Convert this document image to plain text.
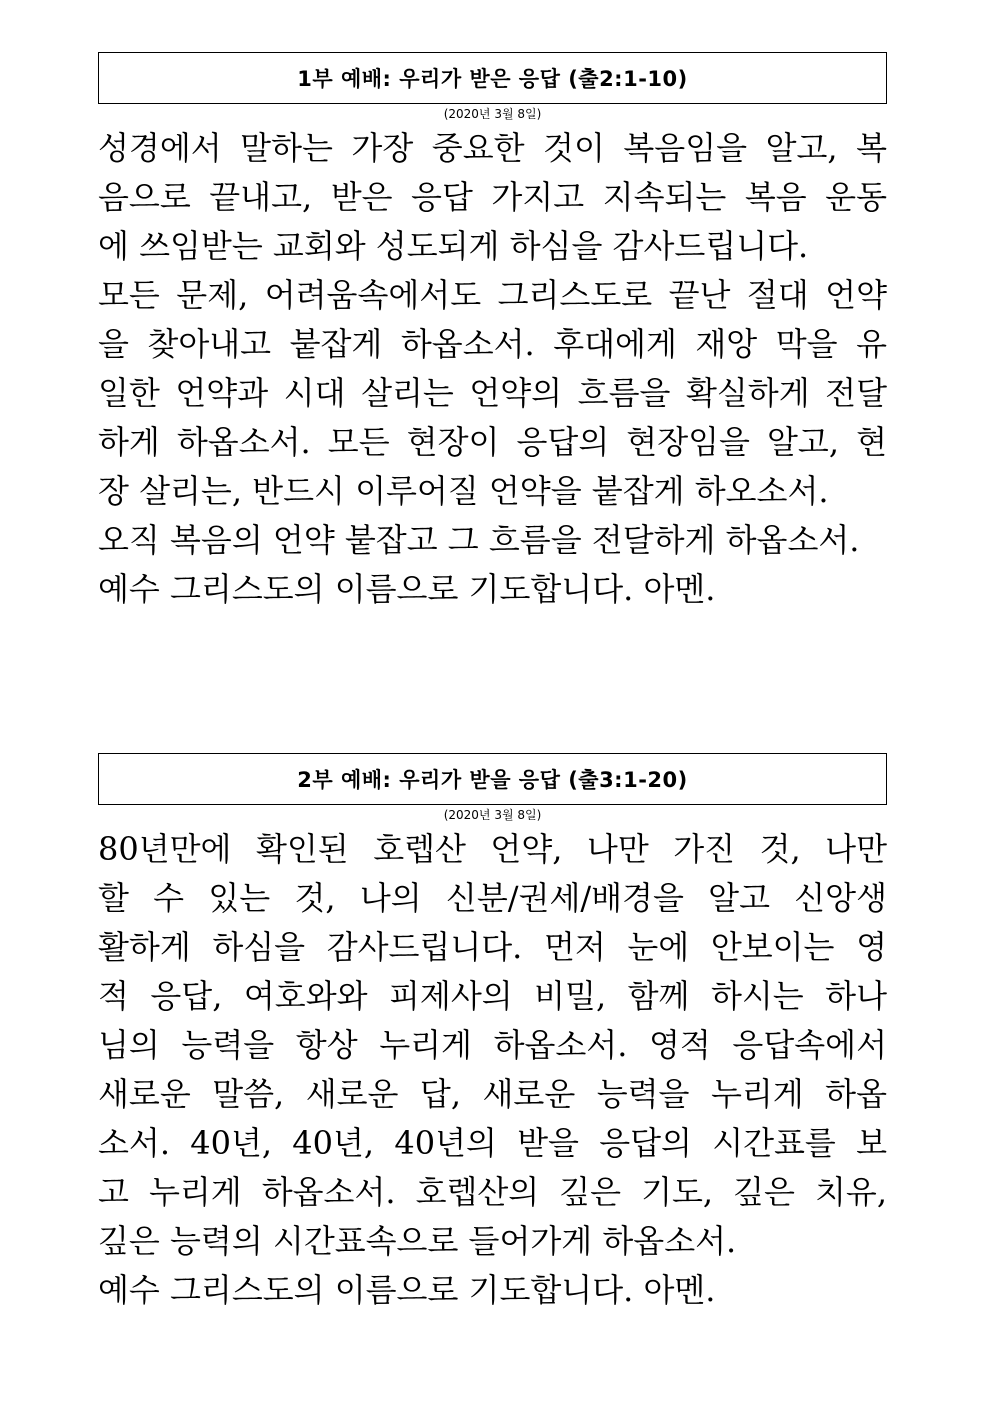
1부 예배: 우리가 받은 응답 (출2:1-10)
(2020년 3월 8일)
성경에서 말하는 가장 중요한 것이 복음임을 알고, 복
음으로 끝내고, 받은 응답 가지고 지속되는 복음 운동
에 쓰임받는 교회와 성도되게 하심을 감사드립니다.
모든 문제, 어려움속에서도 그리스도로 끝난 절대 언약
을 찾아내고 붙잡게 하옵소서. 후대에게 재앙 막을 유
일한 언약과 시대 살리는 언약의 흐름을 확실하게 전달
하게 하옵소서. 모든 현장이 응답의 현장임을 알고, 현
장 살리는, 반드시 이루어질 언약을 붙잡게 하오소서.
오직 복음의 언약 붙잡고 그 흐름을 전달하게 하옵소서.
예수 그리스도의 이름으로 기도합니다. 아멘.
2부 예배: 우리가 받을 응답 (출3:1-20)
(2020년 3월 8일)
80년만에 확인된 호렙산 언약, 나만 가진 것, 나만
할 수 있는 것, 나의 신분/권세/배경을 알고 신앙생
활하게 하심을 감사드립니다. 먼저 눈에 안보이는 영
적 응답, 여호와와 피제사의 비밀, 함께 하시는 하나
님의 능력을 항상 누리게 하옵소서. 영적 응답속에서
새로운 말씀, 새로운 답, 새로운 능력을 누리게 하옵
소서. 40년, 40년, 40년의 받을 응답의 시간표를 보
고 누리게 하옵소서. 호렙산의 깊은 기도, 깊은 치유,
깊은 능력의 시간표속으로 들어가게 하옵소서.
예수 그리스도의 이름으로 기도합니다. 아멘.
